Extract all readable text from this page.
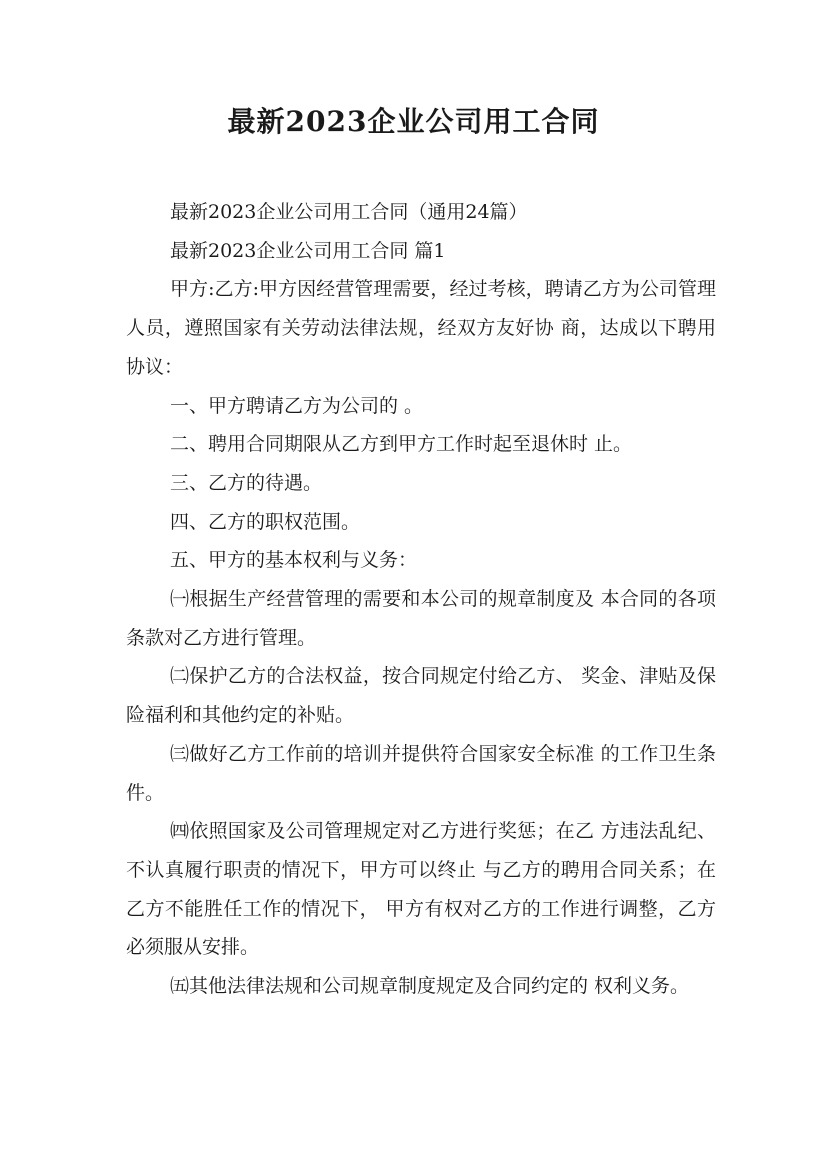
最新2023企业公司用工合同

最新2023企业公司用工合同（通用24篇）

最新2023企业公司用工合同 篇1

甲方:乙方:甲方因经营管理需要，经过考核，聘请乙方为公司管理人员，遵照国家有关劳动法律法规，经双方友好协 商，达成以下聘用协议：

一、甲方聘请乙方为公司的 。

二、聘用合同期限从乙方到甲方工作时起至退休时 止。

三、乙方的待遇。

四、乙方的职权范围。

五、甲方的基本权利与义务：

㈠根据生产经营管理的需要和本公司的规章制度及 本合同的各项条款对乙方进行管理。

㈡保护乙方的合法权益，按合同规定付给乙方、 奖金、津贴及保险福利和其他约定的补贴。

㈢做好乙方工作前的培训并提供符合国家安全标准 的工作卫生条件。

㈣依照国家及公司管理规定对乙方进行奖惩；在乙 方违法乱纪、不认真履行职责的情况下，甲方可以终止 与乙方的聘用合同关系；在乙方不能胜任工作的情况下， 甲方有权对乙方的工作进行调整，乙方必须服从安排。

㈤其他法律法规和公司规章制度规定及合同约定的 权利义务。
